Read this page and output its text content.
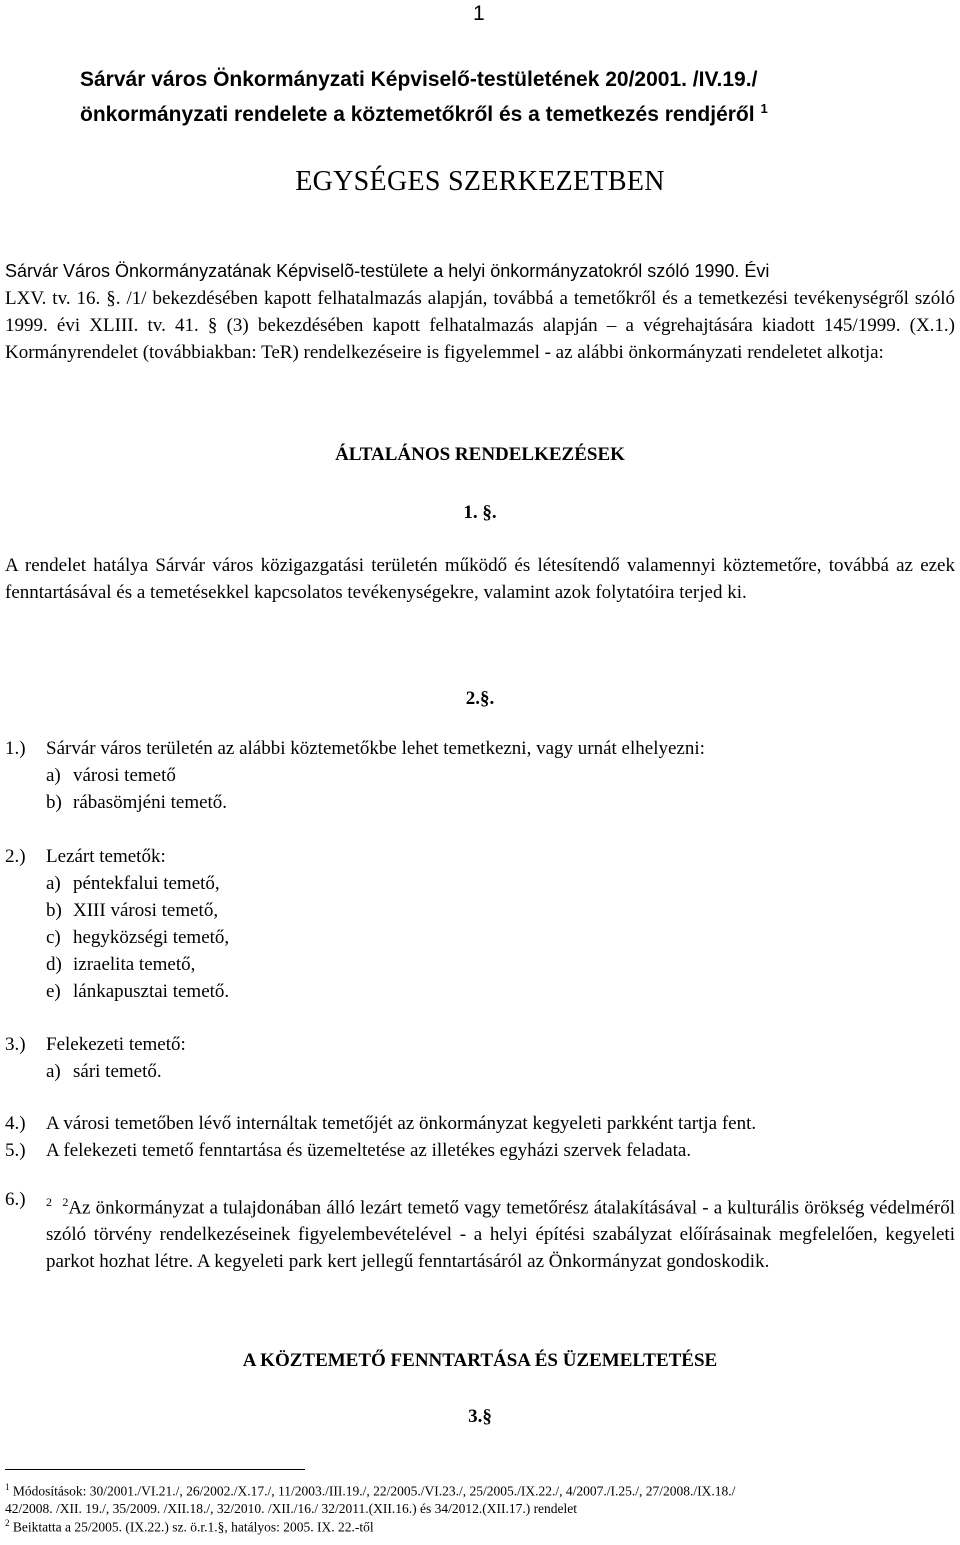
1
Sárvár város Önkormányzati Képviselő-testületének 20/2001. /IV.19./
önkormányzati rendelete a köztemetőkről és a temetkezés rendjéről $^1$
EGYSÉGES SZERKEZETBEN
Sárvár Város Önkormányzatának Képviselõ-testülete a helyi önkormányzatokról szóló 1990. Évi
LXV. tv. 16. §. /1/ bekezdésében kapott felhatalmazás alapján, továbbá a temetőkről és a temetkezési tevékenységről szóló 1999. évi XLIII. tv. 41. § (3) bekezdésében kapott felhatalmazás alapján – a végrehajtására kiadott 145/1999. (X.1.) Kormányrendelet (továbbiakban: TeR) rendelkezéseire is figyelemmel - az alábbi önkormányzati rendeletet alkotja:
ÁLTALÁNOS RENDELKEZÉSEK
1. §.
A rendelet hatálya Sárvár város közigazgatási területén működő és létesítendő valamennyi köztemetőre, továbbá az ezek fenntartásával és a temetésekkel kapcsolatos tevékenységekre, valamint azok folytatóira terjed ki.
2.§.
1.) Sárvár város területén az alábbi köztemetőkbe lehet temetkezni, vagy urnát elhelyezni:
a) városi temető
b) rábasömjéni temető.
2.) Lezárt temetők:
a) péntekfalui temető,
b) XIII városi temető,
c) hegyközségi temető,
d) izraelita temető,
e) lánkapusztai temető.
3.) Felekezeti temető:
a) sári temető.
4.) A városi temetőben lévő internáltak temetőjét az önkormányzat kegyeleti parkként tartja fent.
5.) A felekezeti temető fenntartása és üzemeltetése az illetékes egyházi szervek feladata.
6.) $^2$ $^2$Az önkormányzat a tulajdonában álló lezárt temető vagy temetőrész átalakításával - a kulturális örökség védelméről szóló törvény rendelkezéseinek figyelembevételével - a helyi építési szabályzat előírásainak megfelelően, kegyeleti parkot hozhat létre. A kegyeleti park kert jellegű fenntartásáról az Önkormányzat gondoskodik.
A KÖZTEMETŐ FENNTARTÁSA ÉS ÜZEMELTETÉSE
3.§
$^1$ Módosítások: 30/2001./VI.21./, 26/2002./X.17./, 11/2003./III.19./, 22/2005./VI.23./, 25/2005./IX.22./, 4/2007./I.25./, 27/2008./IX.18./
42/2008. /XII. 19./, 35/2009. /XII.18./, 32/2010. /XII./16./ 32/2011.(XII.16.) és 34/2012.(XII.17.) rendelet
$^2$ Beiktatta a 25/2005. (IX.22.) sz. ö.r.1.§, hatályos: 2005. IX. 22.-től
